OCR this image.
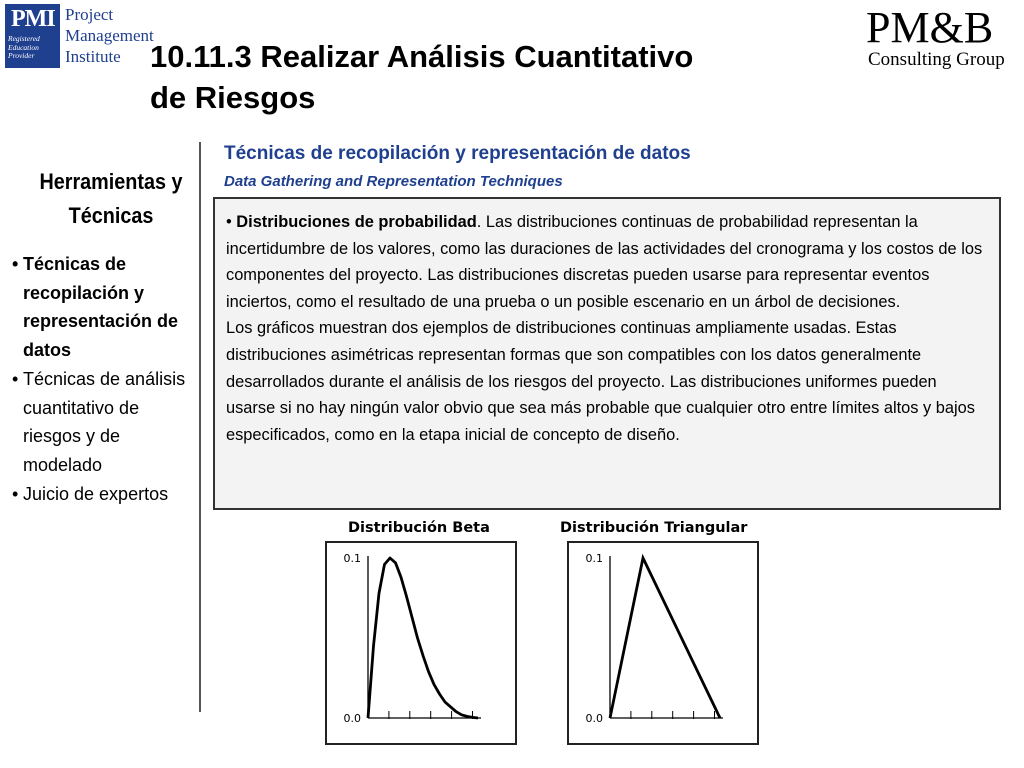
PMI
Registered
Education
Provider
Project
Management
Institute
PM&B
Consulting Group
10.11.3 Realizar Análisis Cuantitativo
de Riesgos
Herramientas y
Técnicas
• Técnicas de recopilación y representación de datos
• Técnicas de análisis cuantitativo de riesgos y de modelado
• Juicio de expertos
Técnicas de recopilación y representación de datos
Data Gathering and Representation Techniques

• Distribuciones de probabilidad. Las distribuciones continuas de probabilidad representan la incertidumbre de los valores, como las duraciones de las actividades del cronograma y los costos de los componentes del proyecto. Las distribuciones discretas pueden usarse para representar eventos inciertos, como el resultado de una prueba o un posible escenario en un árbol de decisiones.

Los gráficos muestran dos ejemplos de distribuciones continuas ampliamente usadas. Estas distribuciones asimétricas representan formas que son compatibles con los datos generalmente desarrollados durante el análisis de los riesgos del proyecto. Las distribuciones uniformes pueden usarse si no hay ningún valor obvio que sea más probable que cualquier otro entre límites altos y bajos especificados, como en la etapa inicial de concepto de diseño.

Distribución Beta
0.1
0.0
Distribución Triangular
0.1
0.0
